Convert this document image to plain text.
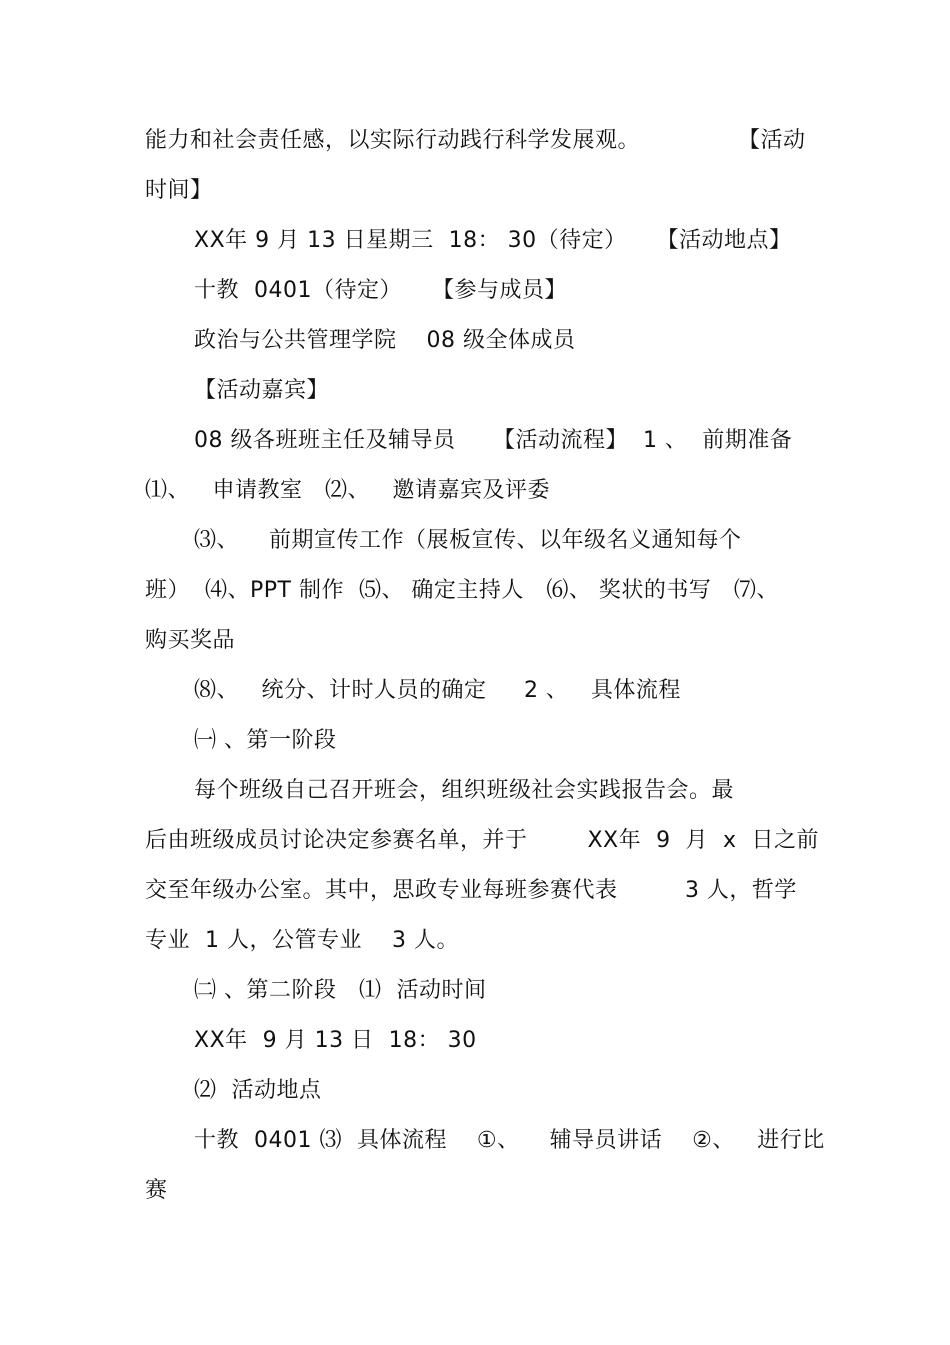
能力和社会责任感，以实际行动践行科学发展观。	【活动
时间】
XX年 9 月 13 日星期三  18： 30（待定）    【活动地点】
十教  0401（待定）    【参与成员】
政治与公共管理学院    08 级全体成员
【活动嘉宾】
08 级各班班主任及辅导员     【活动流程】  1 、  前期准备
⑴、   申请教室   ⑵、   邀请嘉宾及评委
⑶、    前期宣传工作（展板宣传、以年级名义通知每个
班）  ⑷、PPT 制作  ⑸、 确定主持人   ⑹、 奖状的书写   ⑺、
购买奖品
⑻、   统分、计时人员的确定     2 、   具体流程
㈠ 、第一阶段
每个班级自己召开班会，组织班级社会实践报告会。最
后由班级成员讨论决定参赛名单，并于        XX年  9  月  x  日之前
交至年级办公室。其中，思政专业每班参赛代表         3 人，哲学
专业  1 人，公管专业    3 人。
㈡ 、第二阶段   ⑴  活动时间
XX年  9 月 13 日  18： 30
⑵  活动地点
十教  0401 ⑶  具体流程    ①、    辅导员讲话    ②、   进行比
赛
